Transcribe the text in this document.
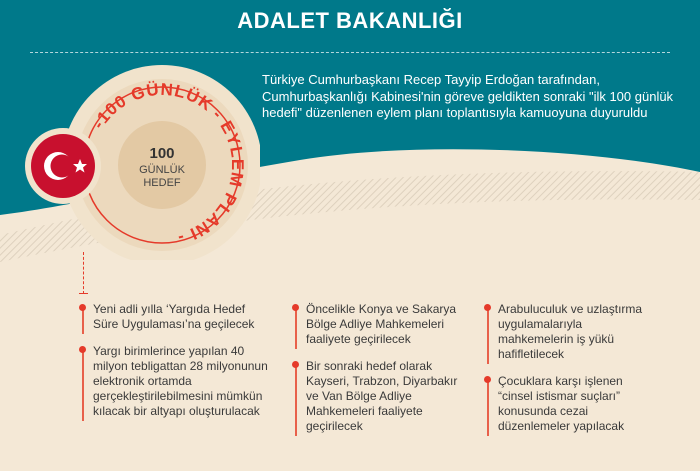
ADALET BAKANLIĞI
Türkiye Cumhurbaşkanı Recep Tayyip Erdoğan tarafından, Cumhurbaşkanlığı Kabinesi'nin göreve geldikten sonraki "ilk 100 günlük hedefi" düzenlenen eylem planı toplantısıyla kamuoyuna duyuruldu
100
GÜNLÜK
HEDEF
-100 GÜNLÜK - EYLEM PLANI -
Yeni adli yılla ‘Yargıda Hedef Süre Uygulaması’na geçilecek
Yargı birimlerince yapılan 40 milyon tebligattan 28 milyonunun elektronik ortamda gerçekleştirilebilmesini mümkün kılacak bir altyapı oluşturulacak
Öncelikle Konya ve Sakarya Bölge Adliye Mahkemeleri faaliyete geçirilecek
Bir sonraki hedef olarak Kayseri, Trabzon, Diyarbakır ve Van Bölge Adliye Mahkemeleri faaliyete geçirilecek
Arabuluculuk ve uzlaştırma uygulamalarıyla mahkemelerin iş yükü hafifletilecek
Çocuklara karşı işlenen “cinsel istismar suçları” konusunda cezai düzenlemeler yapılacak
